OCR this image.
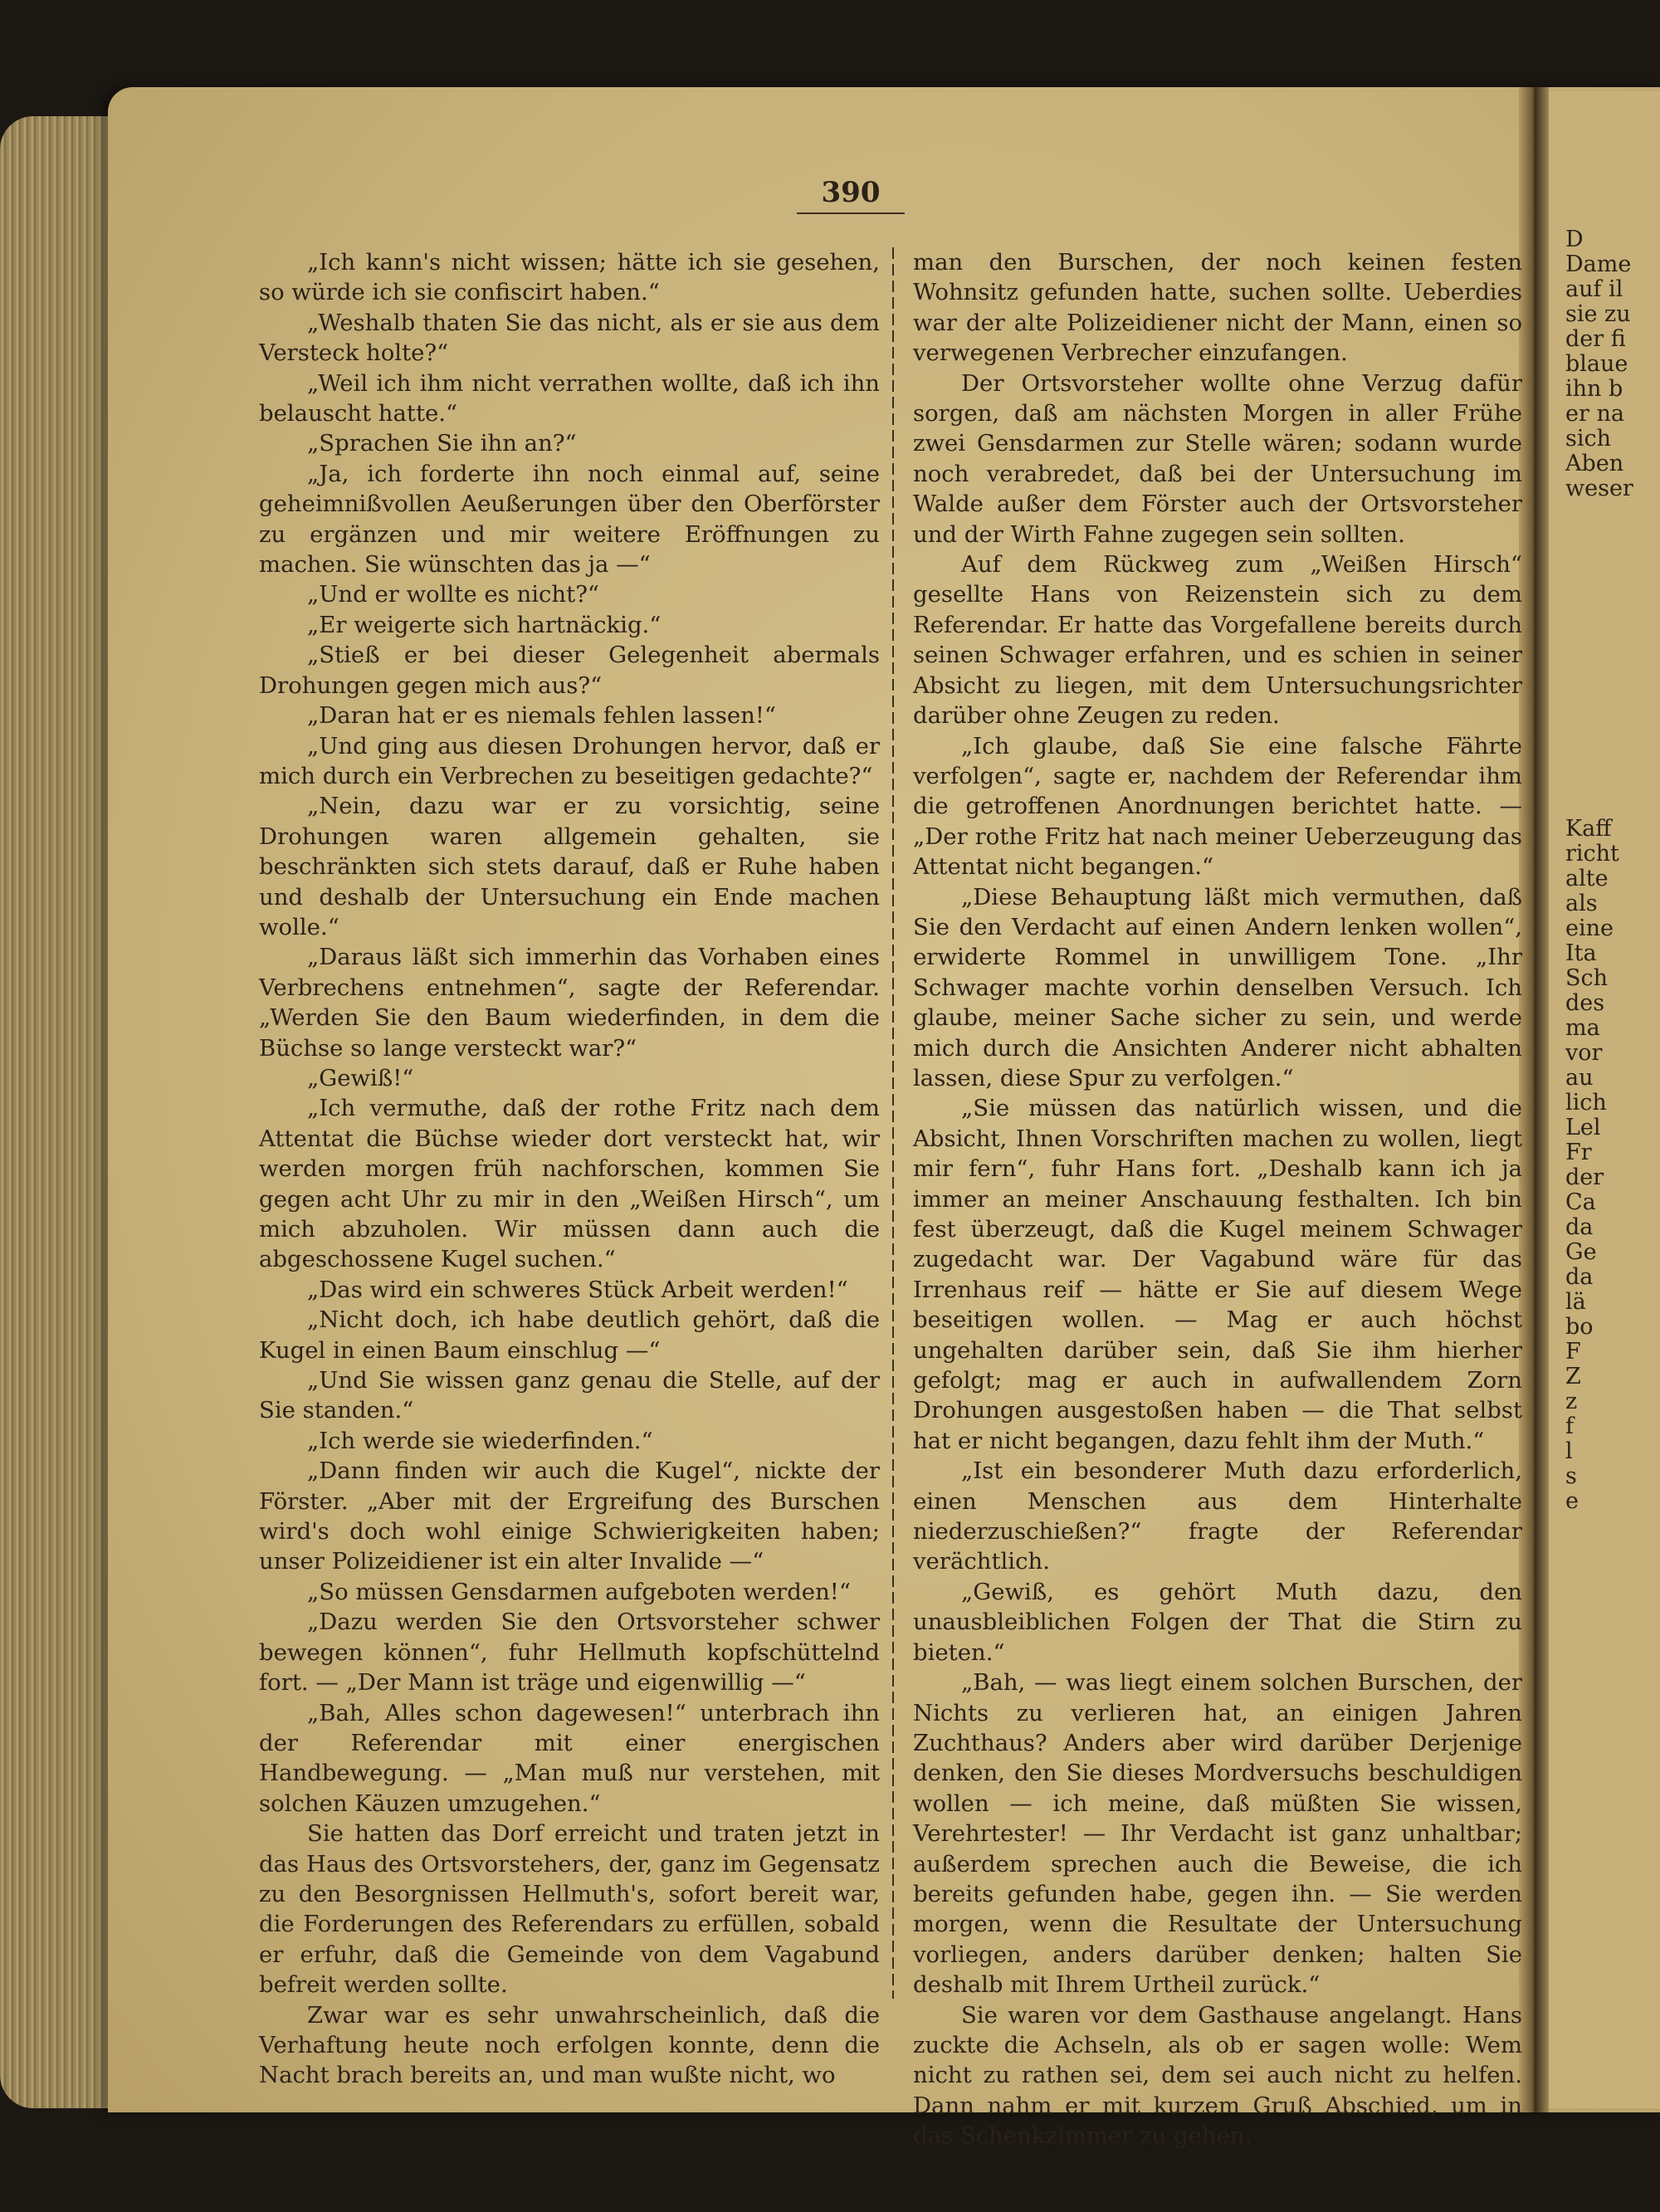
D
Dame
auf il
sie zu
der fi
blaue
ihn b
er na
sich
Aben
weser
Kaff
richt
alte
als
eine
Ita
Sch
des
ma
vor
au
lich
Lel
Fr
der
Ca
da
Ge
da
lä
bo
F
Z
z
f
l
s
e
390

„Ich kann's nicht wissen; hätte ich sie gesehen, so würde ich sie confiscirt haben.“

„Weshalb thaten Sie das nicht, als er sie aus dem Versteck holte?“

„Weil ich ihm nicht verrathen wollte, daß ich ihn belauscht hatte.“

„Sprachen Sie ihn an?“

„Ja, ich forderte ihn noch einmal auf, seine geheimnißvollen Aeußerungen über den Oberförster zu ergänzen und mir weitere Eröffnungen zu machen. Sie wünschten das ja —“

„Und er wollte es nicht?“

„Er weigerte sich hartnäckig.“

„Stieß er bei dieser Gelegenheit abermals Drohungen gegen mich aus?“

„Daran hat er es niemals fehlen lassen!“

„Und ging aus diesen Drohungen hervor, daß er mich durch ein Verbrechen zu beseitigen gedachte?“

„Nein, dazu war er zu vorsichtig, seine Drohungen waren allgemein gehalten, sie beschränkten sich stets darauf, daß er Ruhe haben und deshalb der Untersuchung ein Ende machen wolle.“

„Daraus läßt sich immerhin das Vorhaben eines Verbrechens entnehmen“, sagte der Referendar. „Werden Sie den Baum wiederfinden, in dem die Büchse so lange versteckt war?“

„Gewiß!“

„Ich vermuthe, daß der rothe Fritz nach dem Attentat die Büchse wieder dort versteckt hat, wir werden morgen früh nachforschen, kommen Sie gegen acht Uhr zu mir in den „Weißen Hirsch“, um mich abzuholen. Wir müssen dann auch die abgeschossene Kugel suchen.“

„Das wird ein schweres Stück Arbeit werden!“

„Nicht doch, ich habe deutlich gehört, daß die Kugel in einen Baum einschlug —“

„Und Sie wissen ganz genau die Stelle, auf der Sie standen.“

„Ich werde sie wiederfinden.“

„Dann finden wir auch die Kugel“, nickte der Förster. „Aber mit der Ergreifung des Burschen wird's doch wohl einige Schwierigkeiten haben; unser Polizeidiener ist ein alter Invalide —“

„So müssen Gensdarmen aufgeboten werden!“

„Dazu werden Sie den Ortsvorsteher schwer bewegen können“, fuhr Hellmuth kopfschüttelnd fort. — „Der Mann ist träge und eigenwillig —“

„Bah, Alles schon dagewesen!“ unterbrach ihn der Referendar mit einer energischen Handbewegung. — „Man muß nur verstehen, mit solchen Käuzen umzugehen.“

Sie hatten das Dorf erreicht und traten jetzt in das Haus des Ortsvorstehers, der, ganz im Gegensatz zu den Besorgnissen Hellmuth's, sofort bereit war, die Forderungen des Referendars zu erfüllen, sobald er erfuhr, daß die Gemeinde von dem Vagabund befreit werden sollte.

Zwar war es sehr unwahrscheinlich, daß die Verhaftung heute noch erfolgen konnte, denn die Nacht brach bereits an, und man wußte nicht, wo

man den Burschen, der noch keinen festen Wohnsitz gefunden hatte, suchen sollte. Ueberdies war der alte Polizeidiener nicht der Mann, einen so verwegenen Verbrecher einzufangen.

Der Ortsvorsteher wollte ohne Verzug dafür sorgen, daß am nächsten Morgen in aller Frühe zwei Gensdarmen zur Stelle wären; sodann wurde noch verabredet, daß bei der Untersuchung im Walde außer dem Förster auch der Ortsvorsteher und der Wirth Fahne zugegen sein sollten.

Auf dem Rückweg zum „Weißen Hirsch“ gesellte Hans von Reizenstein sich zu dem Referendar. Er hatte das Vorgefallene bereits durch seinen Schwager erfahren, und es schien in seiner Absicht zu liegen, mit dem Untersuchungsrichter darüber ohne Zeugen zu reden.

„Ich glaube, daß Sie eine falsche Fährte verfolgen“, sagte er, nachdem der Referendar ihm die getroffenen Anordnungen berichtet hatte. — „Der rothe Fritz hat nach meiner Ueberzeugung das Attentat nicht begangen.“

„Diese Behauptung läßt mich vermuthen, daß Sie den Verdacht auf einen Andern lenken wollen“, erwiderte Rommel in unwilligem Tone. „Ihr Schwager machte vorhin denselben Versuch. Ich glaube, meiner Sache sicher zu sein, und werde mich durch die Ansichten Anderer nicht abhalten lassen, diese Spur zu verfolgen.“

„Sie müssen das natürlich wissen, und die Absicht, Ihnen Vorschriften machen zu wollen, liegt mir fern“, fuhr Hans fort. „Deshalb kann ich ja immer an meiner Anschauung festhalten. Ich bin fest überzeugt, daß die Kugel meinem Schwager zugedacht war. Der Vagabund wäre für das Irrenhaus reif — hätte er Sie auf diesem Wege beseitigen wollen. — Mag er auch höchst ungehalten darüber sein, daß Sie ihm hierher gefolgt; mag er auch in aufwallendem Zorn Drohungen ausgestoßen haben — die That selbst hat er nicht begangen, dazu fehlt ihm der Muth.“

„Ist ein besonderer Muth dazu erforderlich, einen Menschen aus dem Hinterhalte niederzuschießen?“ fragte der Referendar verächtlich.

„Gewiß, es gehört Muth dazu, den unausbleiblichen Folgen der That die Stirn zu bieten.“

„Bah, — was liegt einem solchen Burschen, der Nichts zu verlieren hat, an einigen Jahren Zuchthaus? Anders aber wird darüber Derjenige denken, den Sie dieses Mordversuchs beschuldigen wollen — ich meine, daß müßten Sie wissen, Verehrtester! — Ihr Verdacht ist ganz unhaltbar; außerdem sprechen auch die Beweise, die ich bereits gefunden habe, gegen ihn. — Sie werden morgen, wenn die Resultate der Untersuchung vorliegen, anders darüber denken; halten Sie deshalb mit Ihrem Urtheil zurück.“

Sie waren vor dem Gasthause angelangt. Hans zuckte die Achseln, als ob er sagen wolle: Wem nicht zu rathen sei, dem sei auch nicht zu helfen. Dann nahm er mit kurzem Gruß Abschied, um in das Schenkzimmer zu gehen.
